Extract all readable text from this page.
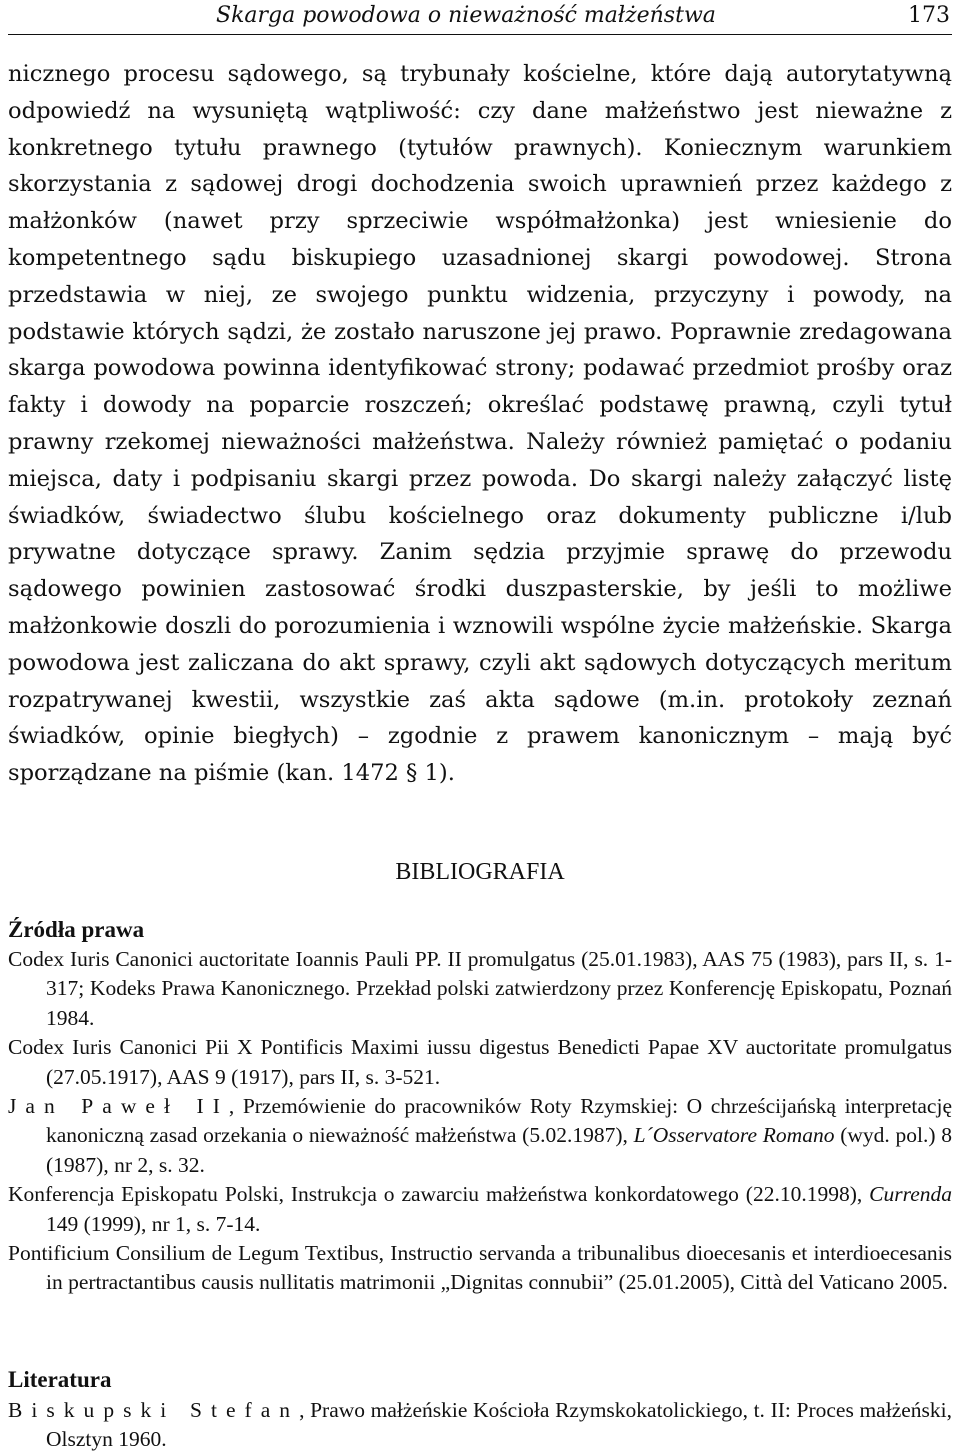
Skarga powodowa o nieważność małżeństwa	173

nicznego procesu sądowego, są trybunały kościelne, które dają autorytatywną odpowiedź na wysuniętą wątpliwość: czy dane małżeństwo jest nieważne z konkretnego tytułu prawnego (tytułów prawnych). Koniecznym warunkiem skorzystania z sądowej drogi dochodzenia swoich uprawnień przez każdego z małżonków (nawet przy sprzeciwie współmałżonka) jest wniesienie do kompetentnego sądu biskupiego uzasadnionej skargi powodowej. Strona przedstawia w niej, ze swojego punktu widzenia, przyczyny i powody, na podstawie których sądzi, że zostało naruszone jej prawo. Poprawnie zredagowana skarga powodowa powinna identyfikować strony; podawać przedmiot prośby oraz fakty i dowody na poparcie roszczeń; określać podstawę prawną, czyli tytuł prawny rzekomej nieważności małżeństwa. Należy również pamiętać o podaniu miejsca, daty i podpisaniu skargi przez powoda. Do skargi należy załączyć listę świadków, świadectwo ślubu kościelnego oraz dokumenty publiczne i/lub prywatne dotyczące sprawy. Zanim sędzia przyjmie sprawę do przewodu sądowego powinien zastosować środki duszpasterskie, by jeśli to możliwe małżonkowie doszli do porozumienia i wznowili wspólne życie małżeńskie. Skarga powodowa jest zaliczana do akt sprawy, czyli akt sądowych dotyczących meritum rozpatrywanej kwestii, wszystkie zaś akta sądowe (m.in. protokoły zeznań świadków, opinie biegłych) – zgodnie z prawem kanonicznym – mają być sporządzane na piśmie (kan. 1472 § 1).

BIBLIOGRAFIA
Źródła prawa
Codex Iuris Canonici auctoritate Ioannis Pauli PP. II promulgatus (25.01.1983), AAS 75 (1983), pars II, s. 1-317; Kodeks Prawa Kanonicznego. Przekład polski zatwierdzony przez Konferencję Episkopatu, Poznań 1984.
Codex Iuris Canonici Pii X Pontificis Maximi iussu digestus Benedicti Papae XV auctoritate promulgatus (27.05.1917), AAS 9 (1917), pars II, s. 3-521.
Jan Paweł II, Przemówienie do pracowników Roty Rzymskiej: O chrześcijańską interpretację kanoniczną zasad orzekania o nieważność małżeństwa (5.02.1987), L´Osservatore Romano (wyd. pol.) 8 (1987), nr 2, s. 32.
Konferencja Episkopatu Polski, Instrukcja o zawarciu małżeństwa konkordatowego (22.10.1998), Currenda 149 (1999), nr 1, s. 7-14.
Pontificium Consilium de Legum Textibus, Instructio servanda a tribunalibus dioecesanis et interdioecesanis in pertractantibus causis nullitatis matrimonii „Dignitas connubii” (25.01.2005), Città del Vaticano 2005.
Literatura
Biskupski Stefan, Prawo małżeńskie Kościoła Rzymskokatolickiego, t. II: Proces małżeński, Olsztyn 1960.
